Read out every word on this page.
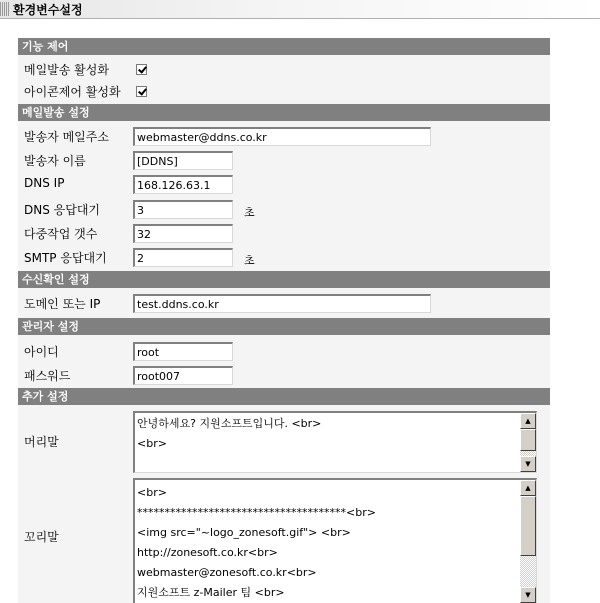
환경변수설정
기능 제어
메일발송 활성화
아이콘제어 활성화
메일발송 설정
발송자 메일주소
webmaster@ddns.co.kr
발송자 이름
[DDNS]
DNS IP
168.126.63.1
DNS 응답대기
3	초
다중작업 갯수
32
SMTP 응답대기
2	초
수신확인 설정
도메인 또는 IP
test.ddns.co.kr
관리자 설정
아이디
root
패스워드
root007
추가 설정
머리말
안녕하세요? 지원소프트입니다. <br>
<br>
▲
▼
꼬리말
<br>
**************************************<br>
<img src="~logo_zonesoft.gif"> <br>
http://zonesoft.co.kr<br>
webmaster@zonesoft.co.kr<br>
지원소프트 z-Mailer 팀 <br>
▲
▼
